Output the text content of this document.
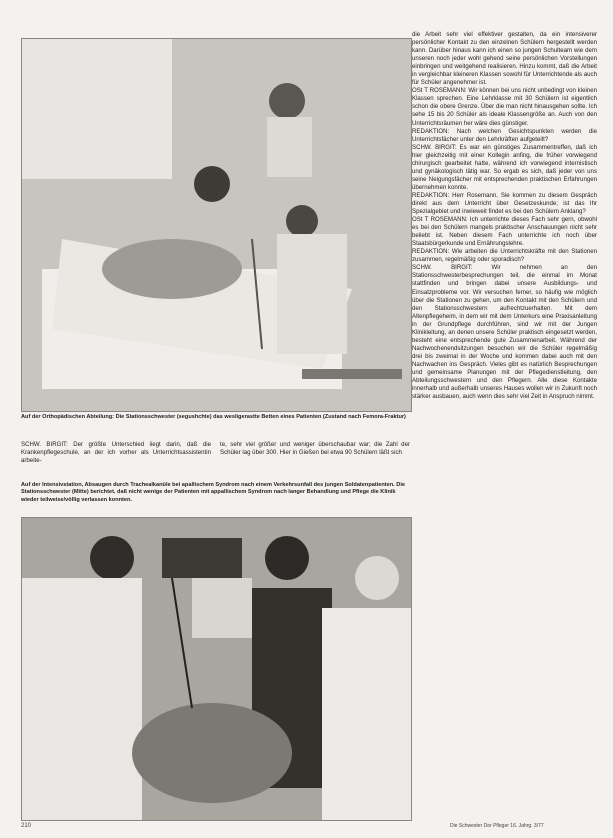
Auf der Orthopädischen Abteilung: Die Stationsschwester (segushchte) das wesligerastte Betten eines Patienten (Zustand nach Femora-Fraktur)
SCHW. BIRGIT: Der größte Unterschied liegt darin, daß die Krankenpflegeschule, an der ich vorher als Unterrichtsassistentin arbeite-
te, sehr viel größer und weniger überschaubar war; die Zahl der Schüler lag über 300. Hier in Gießen bei etwa 90 Schülern läßt sich
Auf der Intensivstation, Absaugen durch Trachealkanüle bei apallischem Syndrom nach einem Verkehrsunfall des jungen Soldatenpatienten. Die Stationsschwester (Mitte) berichtet, daß nicht wenige der Patienten mit appallischem Syndrom nach langer Behandlung und Pflege die Klinik wieder teilweise/völlig verlassen konnten.
die Arbeit sehr viel effektiver gestalten, da ein intensiverer persönlicher Kontakt zu den einzelnen Schülern hergestellt werden kann. Darüber hinaus kann ich einen so jungen Schulteam wie dem unseren noch jeder wohl gehend seine persönlichen Vorstellungen einbringen und weitgehend realisieren. Hinzu kommt, daß die Arbeit in vergleichbar kleineren Klassen sowohl für Unterrichtende als auch für Schüler angenehmer ist.
OSt T ROSEMANN: Wir können bei uns nicht unbedingt von kleinen Klassen sprechen. Eine Lehrklasse mit 30 Schülern ist eigentlich schon die obere Grenze. Über die man nicht hinausgehen sollte. Ich sehe 15 bis 20 Schüler als ideale Klassengröße an. Auch von den Unterrichtsräumen her wäre dies günstiger.
REDAKTION: Nach welchen Gesichtspunkten werden die Unterrichtsfächer unter den Lehrkräften aufgeteilt?
SCHW. BIRGIT: Es war ein günstiges Zusammentreffen, daß ich hier gleichzeitig mit einer Kollegin anfing, die früher vorwiegend chirurgisch gearbeitet hatte, während ich vorwiegend internistisch und gynäkologisch tätig war. So ergab es sich, daß jeder von uns seine Neigungsfächer mit entsprechenden praktischen Erfahrungen übernehmen konnte.
REDAKTION: Herr Rosemann, Sie kommen zu diesem Gespräch direkt aus dem Unterricht über Gesetzeskunde; ist das Ihr Spezialgebiet und inwieweit findet es bei den Schülern Anklang?
OSt T ROSEMANN: Ich unterrichte dieses Fach sehr gern, obwohl es bei den Schülern mangels praktischer Anschauungen nicht sehr beliebt ist. Neben diesem Fach unterrichte ich noch über Staatsbürgerkunde und Ernährungslehre.
REDAKTION: Wie arbeiten die Unterrichtskräfte mit den Stationen zusammen, regelmäßig oder sporadisch?
SCHW. BIRGIT: Wir nehmen an den Stationsschwesterbesprechungen teil, die einmal im Monat stattfinden und bringen dabei unsere Ausbildungs- und Einsatzprobleme vor. Wir versuchen ferner, so häufig wie möglich über die Stationen zu gehen, um den Kontakt mit den Schülern und den Stationsschwestern aufrechtzuerhalten. Mit dem Altenpflegeheim, in dem wir mit dem Unterkurs eine Praxisanleitung in der Grundpflege durchführen, sind wir mit der Jungen Klinikleitung, an denen unsere Schüler praktisch eingesetzt werden, besteht eine entsprechende gute Zusammenarbeit. Während der Nachwochenendsitzungen besuchen wir die Schüler regelmäßig drei bis zweimal in der Woche und kommen dabei auch mit den Nachwachen ins Gespräch. Vieles gibt es natürlich Besprechungen und gemeinsame Planungen mit der Pflegedienstleitung, den Abteilungsschwestern und den Pflegern. Alle diese Kontakte innerhalb und außerhalb unseres Hauses wollen wir in Zukunft noch stärker ausbauen, auch wenn dies sehr viel Zeit in Anspruch nimmt.
210	Die Schwester Der Pfleger 16. Jahrg. 3/77
